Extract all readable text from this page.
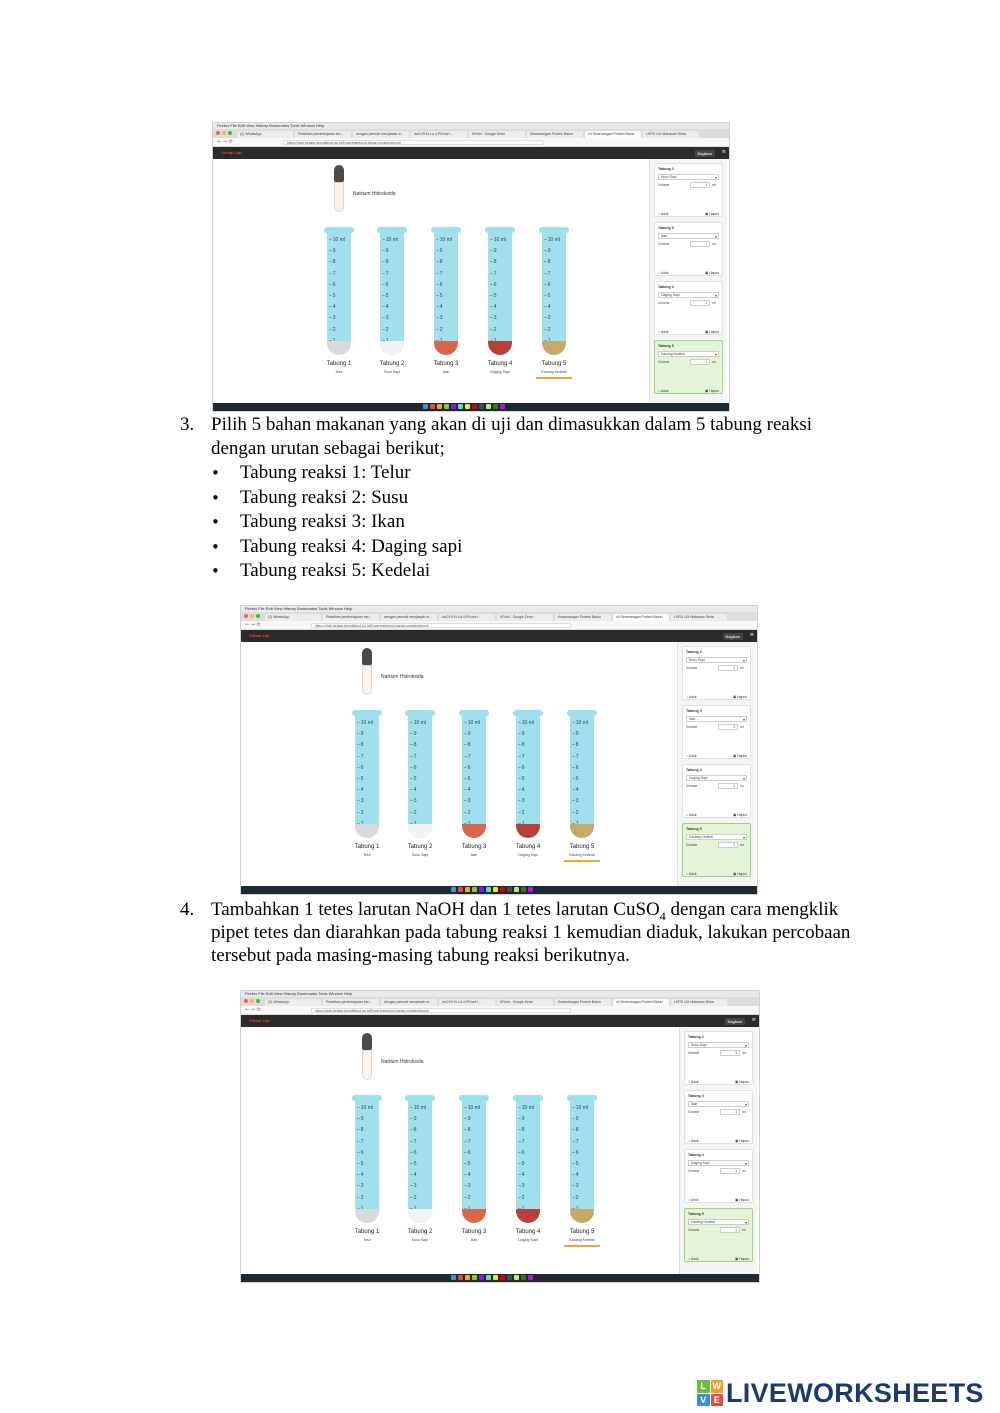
Firefox File Edit View History Bookmarks Tools Window Help
(2) WhatsApp	Pelatihan pembelajaran ber...	dengan pemodi menjawab m...	doCV9 Ki-Ld 4-PKmol+...	KRuhl - Google Drive	Kelarutangan Protein Balun	v4 Senenangan Protein Balun	LKPD UJI Makanan Seha
← → ⟳	https://vlab.belajar.kemdikbud.go.id/Experiments/uji-bahan-protein/story/#
Virtual Lab	Bagikan	≡
Natrium Hidroksida
– 10 ml
– 9
– 8
– 7
– 6
– 5
– 4
– 3
– 2
–
Tabung 1
Telur
– 10 ml
– 9
– 8
– 7
– 6
– 5
– 4
– 3
– 2
–
Tabung 2
Susu Sapi
– 10 ml
– 9
– 8
– 7
– 6
– 5
– 4
– 3
– 2
–
Tabung 3
Ikan
– 10 ml
– 9
– 8
– 7
– 6
– 5
– 4
– 3
– 2
–
Tabung 4
Daging Sapi
– 10 ml
– 9
– 8
– 7
– 6
– 5
– 4
– 3
– 2
–
Tabung 5
Kacang Kedelai
Tabung 2
Susu Sapi ▾
Volume	1	ml
○ Aduk	▣ Hapus
Tabung 3
Ikan ▾
Volume	1	ml
○ Aduk	▣ Hapus
Tabung 4
Daging Sapi ▾
Volume	1	ml
○ Aduk	▣ Hapus
Tabung 5
Kacang Kedelai ▾
Volume	1	ml
○ Aduk	▣ Hapus
Firefox File Edit View History Bookmarks Tools Window Help
(2) WhatsApp	Pelatihan pembelajaran ber...	dengan pemodi menjawab m...	doCV9 Ki-Ld 4-PKmol+...	KRuhl - Google Drive	Kelarutangan Protein Balun	v4 Senenangan Protein Balun	LKPD UJI Makanan Seha
← → ⟳	https://vlab.belajar.kemdikbud.go.id/Experiments/uji-bahan-protein/story/#
Virtual Lab	Bagikan	≡
Natrium Hidroksida
– 10 ml
– 9
– 8
– 7
– 6
– 5
– 4
– 3
– 2
–
Tabung 1
Telur
– 10 ml
– 9
– 8
– 7
– 6
– 5
– 4
– 3
– 2
–
Tabung 2
Susu Sapi
– 10 ml
– 9
– 8
– 7
– 6
– 5
– 4
– 3
– 2
–
Tabung 3
Ikan
– 10 ml
– 9
– 8
– 7
– 6
– 5
– 4
– 3
– 2
–
Tabung 4
Daging Sapi
– 10 ml
– 9
– 8
– 7
– 6
– 5
– 4
– 3
– 2
–
Tabung 5
Kacang Kedelai
Tabung 2
Susu Sapi ▾
Volume	1	ml
○ Aduk	▣ Hapus
Tabung 3
Ikan ▾
Volume	1	ml
○ Aduk	▣ Hapus
Tabung 4
Daging Sapi ▾
Volume	1	ml
○ Aduk	▣ Hapus
Tabung 5
Kacang Kedelai ▾
Volume	1	ml
○ Aduk	▣ Hapus
Firefox File Edit View History Bookmarks Tools Window Help
(2) WhatsApp	Pelatihan pembelajaran ber...	dengan pemodi menjawab m...	doCV9 Ki-Ld 4-PKmol+...	KRuhl - Google Drive	Kelarutangan Protein Balun	v4 Senenangan Protein Balun	LKPD UJI Makanan Seha
← → ⟳	https://vlab.belajar.kemdikbud.go.id/Experiments/uji-bahan-protein/story/#
Virtual Lab	Bagikan	≡
Natrium Hidroksida
– 10 ml
– 9
– 8
– 7
– 6
– 5
– 4
– 3
– 2
–
Tabung 1
Telur
– 10 ml
– 9
– 8
– 7
– 6
– 5
– 4
– 3
– 2
–
Tabung 2
Susu Sapi
– 10 ml
– 9
– 8
– 7
– 6
– 5
– 4
– 3
– 2
–
Tabung 3
Ikan
– 10 ml
– 9
– 8
– 7
– 6
– 5
– 4
– 3
– 2
–
Tabung 4
Daging Sapi
– 10 ml
– 9
– 8
– 7
– 6
– 5
– 4
– 3
– 2
–
Tabung 5
Kacang Kedelai
Tabung 2
Susu Sapi ▾
Volume	1	ml
○ Aduk	▣ Hapus
Tabung 3
Ikan ▾
Volume	1	ml
○ Aduk	▣ Hapus
Tabung 4
Daging Sapi ▾
Volume	1	ml
○ Aduk	▣ Hapus
Tabung 5
Kacang Kedelai ▾
Volume	1	ml
○ Aduk	▣ Hapus
3. Pilih 5 bahan makanan yang akan di uji dan dimasukkan dalam 5 tabung reaksi
dengan urutan sebagai berikut;
• Tabung reaksi 1: Telur
• Tabung reaksi 2: Susu
• Tabung reaksi 3: Ikan
• Tabung reaksi 4: Daging sapi
• Tabung reaksi 5: Kedelai
4. Tambahkan 1 tetes larutan NaOH dan 1 tetes larutan CuSO$_4$ dengan cara mengklik
pipet tetes dan diarahkan pada tabung reaksi 1 kemudian diaduk, lakukan percobaan
tersebut pada masing-masing tabung reaksi berikutnya.
L W
V E LIVEWORKSHEETS
